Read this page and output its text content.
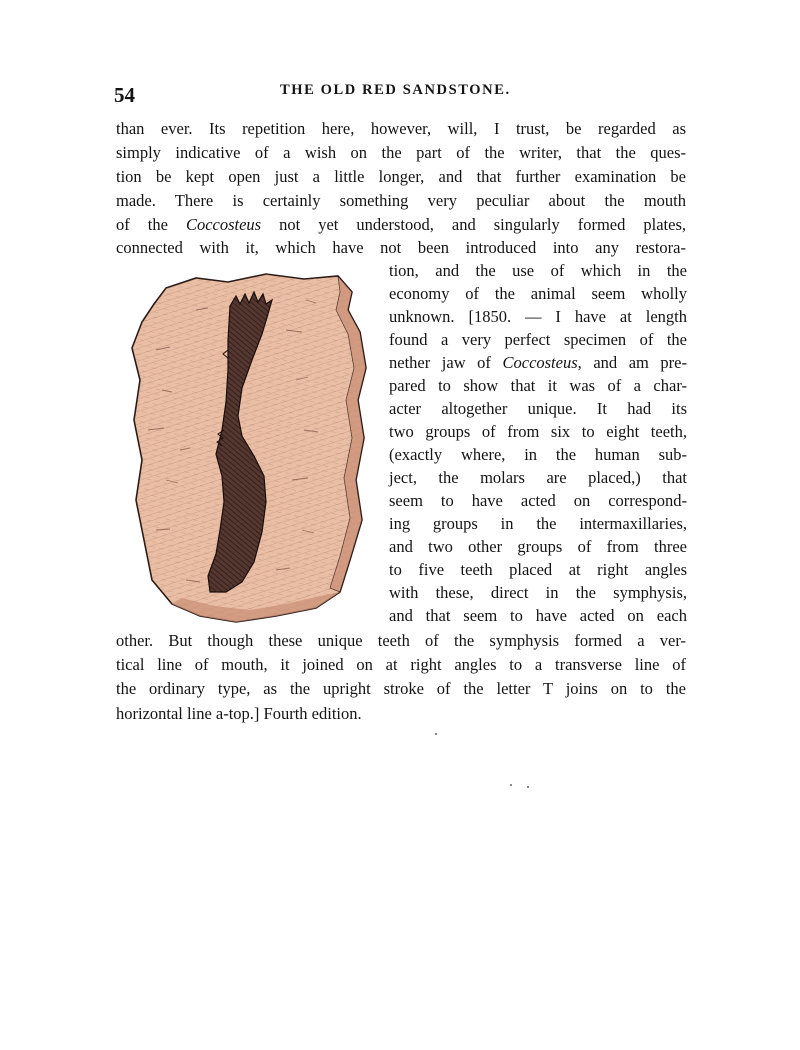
54	THE OLD RED SANDSTONE.
than ever. Its repetition here, however, will, I trust, be regarded as
simply indicative of a wish on the part of the writer, that the ques-
tion be kept open just a little longer, and that further examination be
made. There is certainly something very peculiar about the mouth
of the Coccosteus not yet understood, and singularly formed plates,
connected with it, which have not been introduced into any restora-
tion, and the use of which in the
economy of the animal seem wholly
unknown. [1850. — I have at length
found a very perfect specimen of the
nether jaw of Coccosteus, and am pre-
pared to show that it was of a char-
acter altogether unique. It had its
two groups of from six to eight teeth,
(exactly where, in the human sub-
ject, the molars are placed,) that
seem to have acted on correspond-
ing groups in the intermaxillaries,
and two other groups of from three
to five teeth placed at right angles
with these, direct in the symphysis,
and that seem to have acted on each
other. But though these unique teeth of the symphysis formed a ver-
tical line of mouth, it joined on at right angles to a transverse line of
the ordinary type, as the upright stroke of the letter T joins on to the
horizontal line a-top.] Fourth edition.
